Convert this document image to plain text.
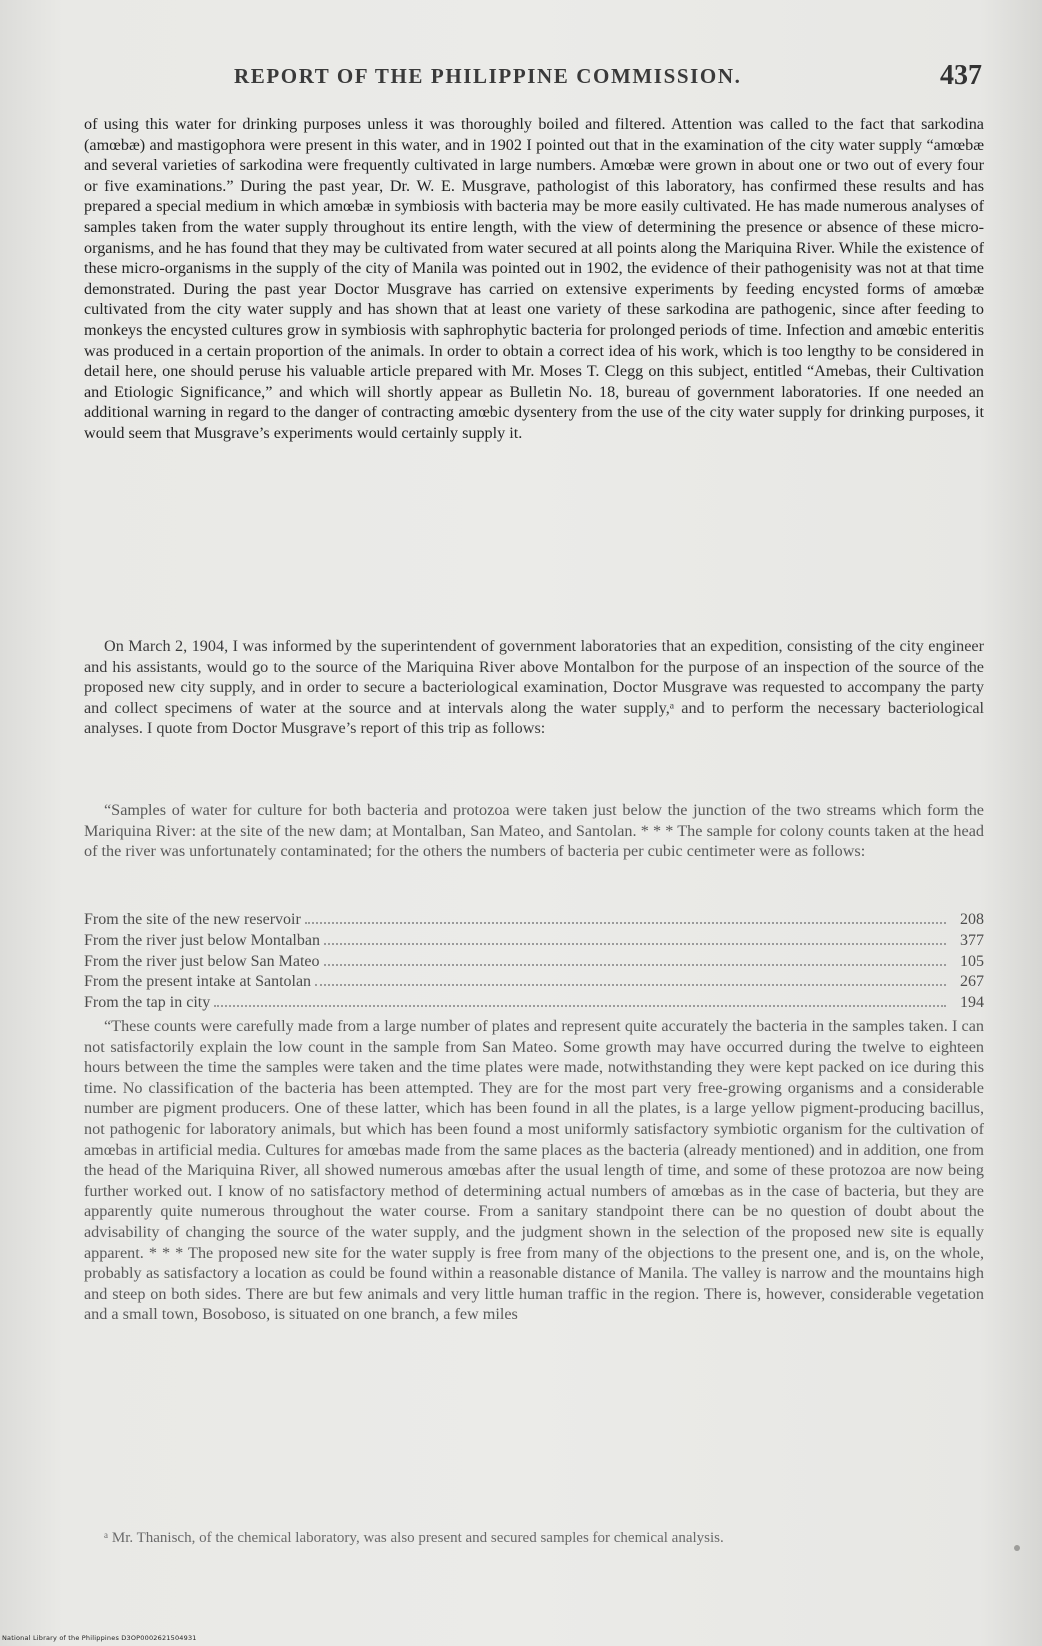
REPORT OF THE PHILIPPINE COMMISSION.	437

of using this water for drinking purposes unless it was thoroughly boiled and filtered. Attention was called to the fact that sarkodina (amœbæ) and mastigophora were present in this water, and in 1902 I pointed out that in the examination of the city water supply “amœbæ and several varieties of sarkodina were frequently cultivated in large numbers. Amœbæ were grown in about one or two out of every four or five examinations.” During the past year, Dr. W. E. Musgrave, pathologist of this laboratory, has confirmed these results and has prepared a special medium in which amœbæ in symbiosis with bacteria may be more easily cultivated. He has made numerous analyses of samples taken from the water supply throughout its entire length, with the view of determining the presence or absence of these micro-organisms, and he has found that they may be cultivated from water secured at all points along the Mariquina River. While the existence of these micro-organisms in the supply of the city of Manila was pointed out in 1902, the evidence of their pathogenisity was not at that time demonstrated. During the past year Doctor Musgrave has carried on extensive experiments by feeding encysted forms of amœbæ cultivated from the city water supply and has shown that at least one variety of these sarkodina are pathogenic, since after feeding to monkeys the encysted cultures grow in symbiosis with saphrophytic bacteria for prolonged periods of time. Infection and amœbic enteritis was produced in a certain proportion of the animals. In order to obtain a correct idea of his work, which is too lengthy to be considered in detail here, one should peruse his valuable article prepared with Mr. Moses T. Clegg on this subject, entitled “Amebas, their Cultivation and Etiologic Significance,” and which will shortly appear as Bulletin No. 18, bureau of government laboratories. If one needed an additional warning in regard to the danger of contracting amœbic dysentery from the use of the city water supply for drinking purposes, it would seem that Musgrave’s experiments would certainly supply it.

On March 2, 1904, I was informed by the superintendent of government laboratories that an expedition, consisting of the city engineer and his assistants, would go to the source of the Mariquina River above Montalbon for the purpose of an inspection of the source of the proposed new city supply, and in order to secure a bacteriological examination, Doctor Musgrave was requested to accompany the party and collect specimens of water at the source and at intervals along the water supply,ᵃ and to perform the necessary bacteriological analyses. I quote from Doctor Musgrave’s report of this trip as follows:

“Samples of water for culture for both bacteria and protozoa were taken just below the junction of the two streams which form the Mariquina River: at the site of the new dam; at Montalban, San Mateo, and Santolan. * * * The sample for colony counts taken at the head of the river was unfortunately contaminated; for the others the numbers of bacteria per cubic centimeter were as follows:

From the site of the new reservoir	208
From the river just below Montalban	377
From the river just below San Mateo	105
From the present intake at Santolan	267
From the tap in city	194

“These counts were carefully made from a large number of plates and represent quite accurately the bacteria in the samples taken. I can not satisfactorily explain the low count in the sample from San Mateo. Some growth may have occurred during the twelve to eighteen hours between the time the samples were taken and the time plates were made, notwithstanding they were kept packed on ice during this time. No classification of the bacteria has been attempted. They are for the most part very free-growing organisms and a considerable number are pigment producers. One of these latter, which has been found in all the plates, is a large yellow pigment-producing bacillus, not pathogenic for laboratory animals, but which has been found a most uniformly satisfactory symbiotic organism for the cultivation of amœbas in artificial media. Cultures for amœbas made from the same places as the bacteria (already mentioned) and in addition, one from the head of the Mariquina River, all showed numerous amœbas after the usual length of time, and some of these protozoa are now being further worked out. I know of no satisfactory method of determining actual numbers of amœbas as in the case of bacteria, but they are apparently quite numerous throughout the water course. From a sanitary standpoint there can be no question of doubt about the advisability of changing the source of the water supply, and the judgment shown in the selection of the proposed new site is equally apparent. * * * The proposed new site for the water supply is free from many of the objections to the present one, and is, on the whole, probably as satisfactory a location as could be found within a reasonable distance of Manila. The valley is narrow and the mountains high and steep on both sides. There are but few animals and very little human traffic in the region. There is, however, considerable vegetation and a small town, Bosoboso, is situated on one branch, a few miles

ᵃ Mr. Thanisch, of the chemical laboratory, was also present and secured samples for chemical analysis.

National Library of the Philippines D3OP0002621504931
